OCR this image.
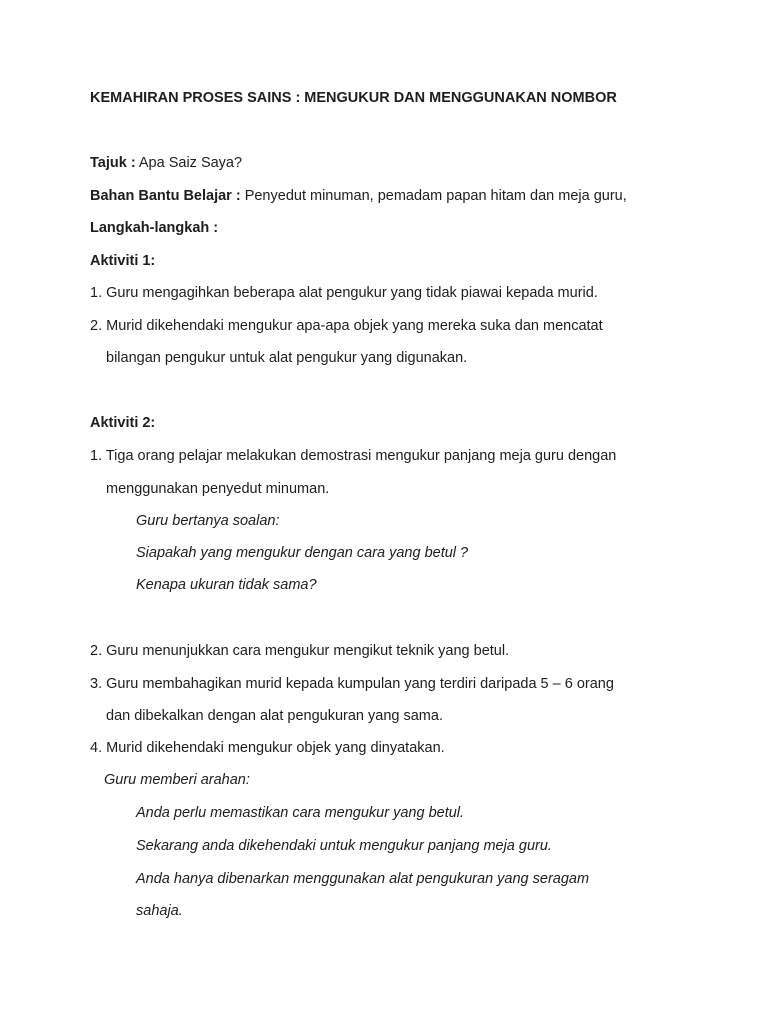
KEMAHIRAN PROSES SAINS : MENGUKUR DAN MENGGUNAKAN NOMBOR
Tajuk : Apa Saiz Saya?
Bahan Bantu Belajar : Penyedut minuman, pemadam papan hitam dan meja guru,
Langkah-langkah :
Aktiviti 1:
1. Guru mengagihkan beberapa alat pengukur yang tidak piawai kepada murid.
2. Murid dikehendaki mengukur apa-apa objek yang mereka suka dan mencatat
bilangan pengukur untuk alat pengukur yang digunakan.
Aktiviti 2:
1. Tiga orang pelajar melakukan demostrasi mengukur panjang meja guru dengan
menggunakan penyedut minuman.
Guru bertanya soalan:
Siapakah yang mengukur dengan cara yang betul ?
Kenapa ukuran tidak sama?
2. Guru menunjukkan cara mengukur mengikut teknik yang betul.
3. Guru membahagikan murid kepada kumpulan yang terdiri daripada 5 – 6 orang
dan dibekalkan dengan alat pengukuran yang sama.
4. Murid dikehendaki mengukur objek yang dinyatakan.
Guru memberi arahan:
Anda perlu memastikan cara mengukur yang betul.
Sekarang anda dikehendaki untuk mengukur panjang meja guru.
Anda hanya dibenarkan menggunakan alat pengukuran yang seragam
sahaja.
